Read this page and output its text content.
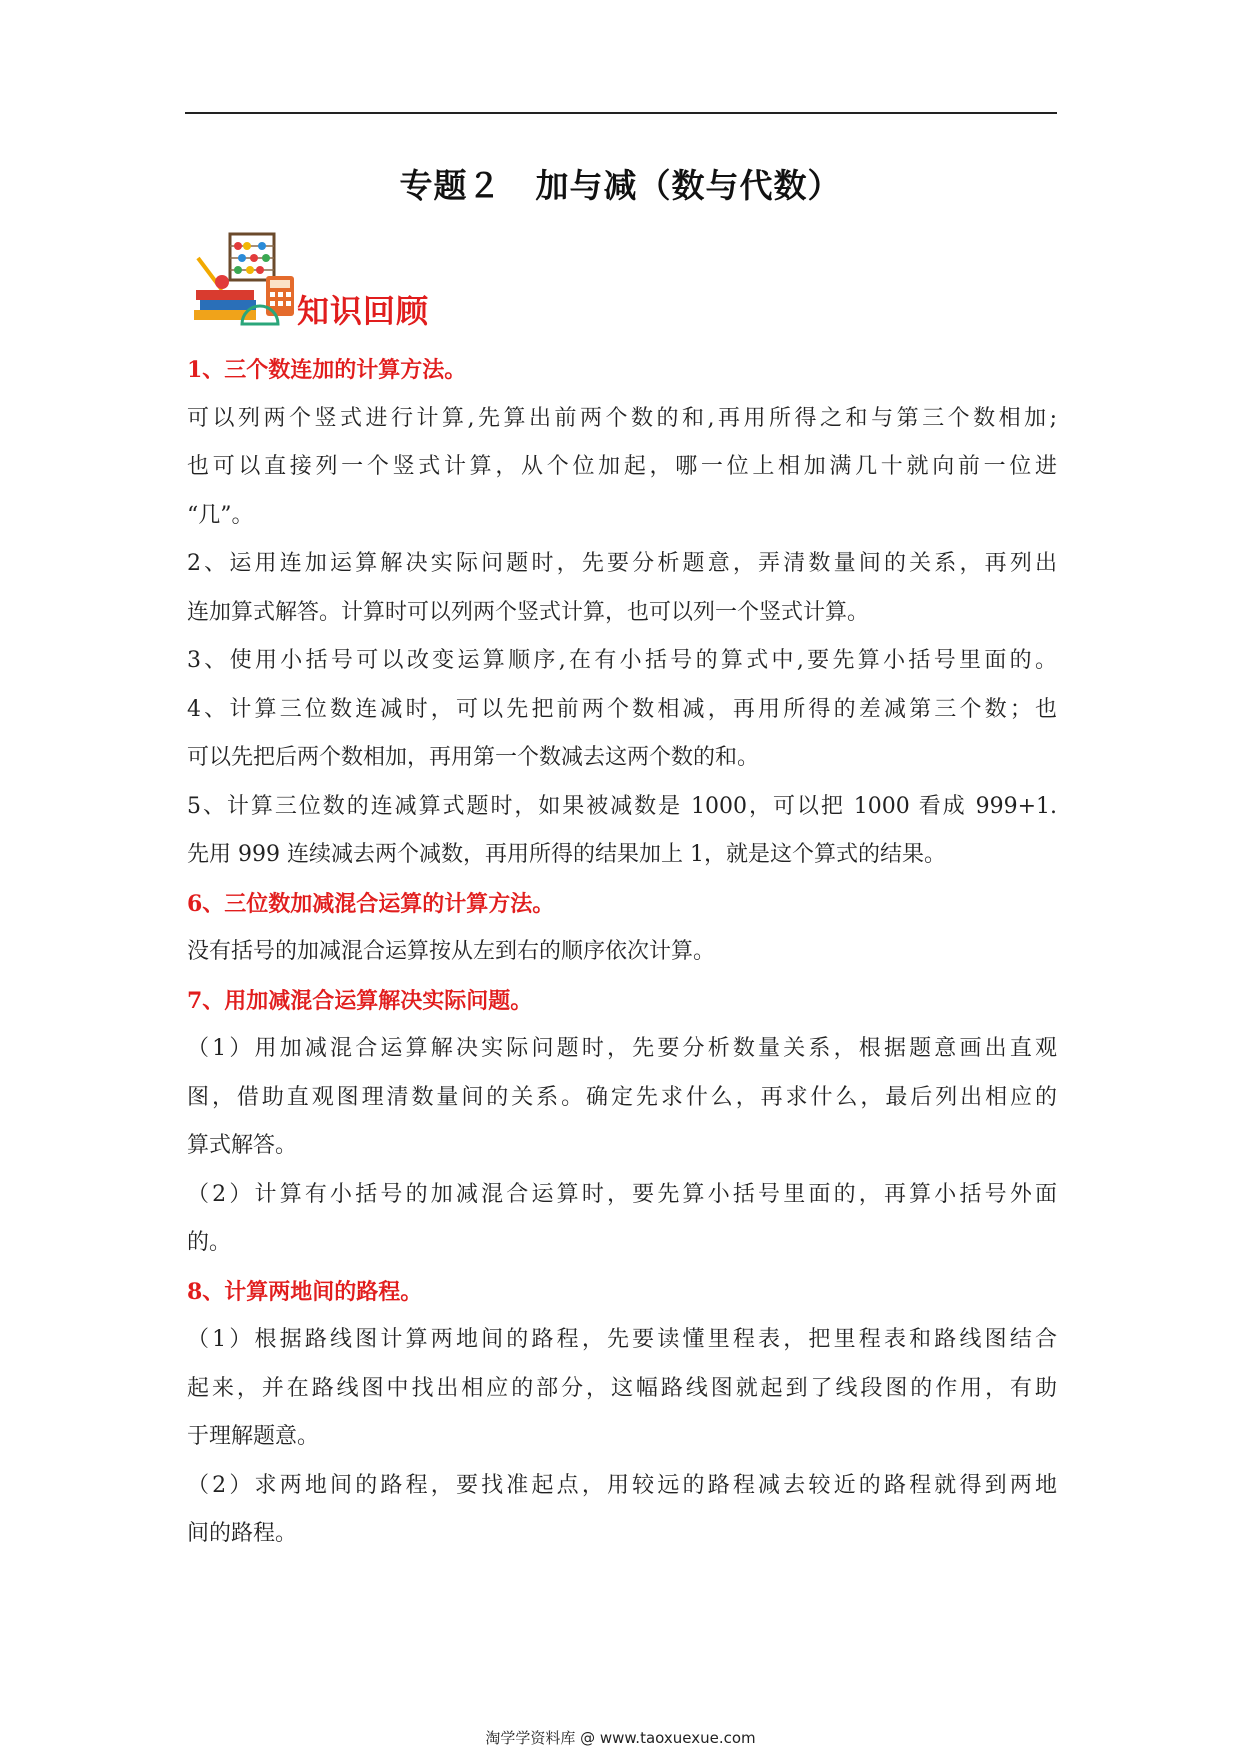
专题２　加与减（数与代数）
知识回顾
1、三个数连加的计算方法。
可以列两个竖式进行计算,先算出前两个数的和,再用所得之和与第三个数相加;
也可以直接列一个竖式计算，从个位加起，哪一位上相加满几十就向前一位进
“几”。
2、运用连加运算解决实际问题时，先要分析题意，弄清数量间的关系，再列出
连加算式解答。计算时可以列两个竖式计算，也可以列一个竖式计算。
3、使用小括号可以改变运算顺序,在有小括号的算式中,要先算小括号里面的。
4、计算三位数连减时，可以先把前两个数相减，再用所得的差减第三个数；也
可以先把后两个数相加，再用第一个数减去这两个数的和。
5、计算三位数的连减算式题时，如果被减数是 1000，可以把 1000 看成 999+1.
先用 999 连续减去两个减数，再用所得的结果加上 1，就是这个算式的结果。
6、三位数加减混合运算的计算方法。
没有括号的加减混合运算按从左到右的顺序依次计算。
7、用加减混合运算解决实际问题。
（1）用加减混合运算解决实际问题时，先要分析数量关系，根据题意画出直观
图，借助直观图理清数量间的关系。确定先求什么，再求什么，最后列出相应的
算式解答。
（2）计算有小括号的加减混合运算时，要先算小括号里面的，再算小括号外面
的。
8、计算两地间的路程。
（1）根据路线图计算两地间的路程，先要读懂里程表，把里程表和路线图结合
起来，并在路线图中找出相应的部分，这幅路线图就起到了线段图的作用，有助
于理解题意。
（2）求两地间的路程，要找准起点，用较远的路程减去较近的路程就得到两地
间的路程。
淘学学资料库 @ www.taoxuexue.com
